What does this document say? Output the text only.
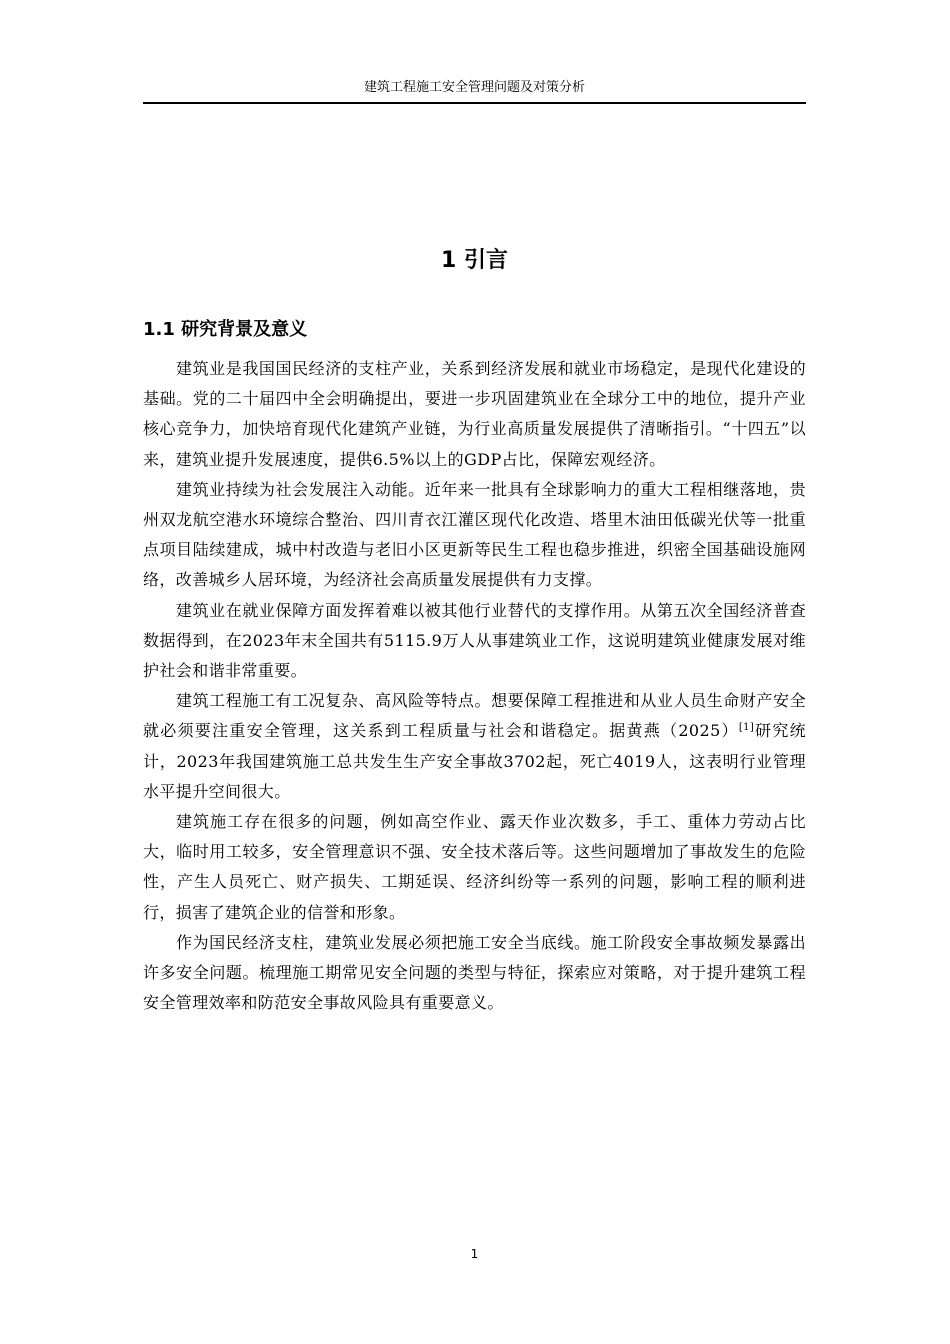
建筑工程施工安全管理问题及对策分析
1 引言
1.1 研究背景及意义

建筑业是我国国民经济的支柱产业，关系到经济发展和就业市场稳定，是现代化建设的基础。党的二十届四中全会明确提出，要进一步巩固建筑业在全球分工中的地位，提升产业核心竞争力，加快培育现代化建筑产业链，为行业高质量发展提供了清晰指引。“十四五”以来，建筑业提升发展速度，提供6.5%以上的GDP占比，保障宏观经济。

建筑业持续为社会发展注入动能。近年来一批具有全球影响力的重大工程相继落地，贵州双龙航空港水环境综合整治、四川青衣江灌区现代化改造、塔里木油田低碳光伏等一批重点项目陆续建成，城中村改造与老旧小区更新等民生工程也稳步推进，织密全国基础设施网络，改善城乡人居环境，为经济社会高质量发展提供有力支撑。

建筑业在就业保障方面发挥着难以被其他行业替代的支撑作用。从第五次全国经济普查数据得到，在2023年末全国共有5115.9万人从事建筑业工作，这说明建筑业健康发展对维护社会和谐非常重要。

建筑工程施工有工况复杂、高风险等特点。想要保障工程推进和从业人员生命财产安全就必须要注重安全管理，这关系到工程质量与社会和谐稳定。据黄燕（2025）[1]研究统计，2023年我国建筑施工总共发生生产安全事故3702起，死亡4019人，这表明行业管理水平提升空间很大。

建筑施工存在很多的问题，例如高空作业、露天作业次数多，手工、重体力劳动占比大，临时用工较多，安全管理意识不强、安全技术落后等。这些问题增加了事故发生的危险性，产生人员死亡、财产损失、工期延误、经济纠纷等一系列的问题，影响工程的顺利进行，损害了建筑企业的信誉和形象。

作为国民经济支柱，建筑业发展必须把施工安全当底线。施工阶段安全事故频发暴露出许多安全问题。梳理施工期常见安全问题的类型与特征，探索应对策略，对于提升建筑工程安全管理效率和防范安全事故风险具有重要意义。

1
